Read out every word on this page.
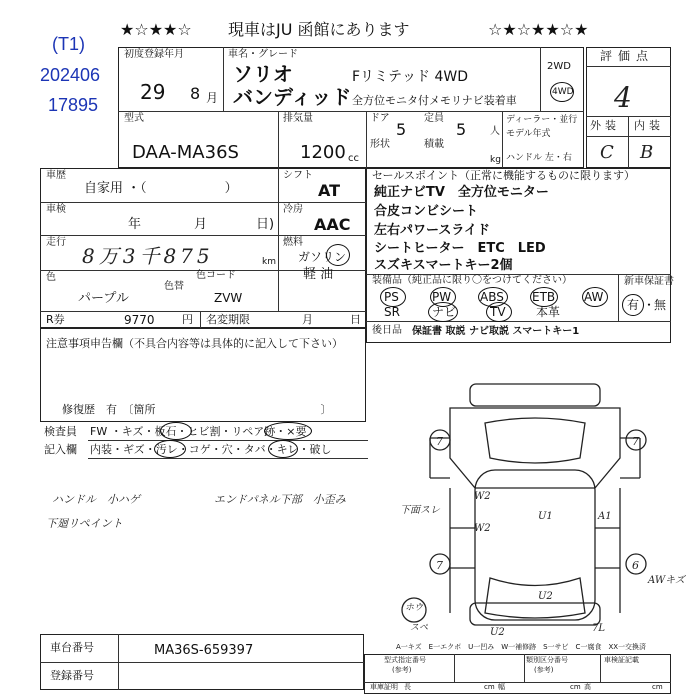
★☆★★☆ 現車はJU 函館にあります	☆★☆★★☆★
(T1)
202406
17895
初度登録年月
29 8 月
車名・グレード
ソリオ
バンディッド
Fリミテッド 4WD
全方位モニタ付メモリナビ装着車
2WD
4WD
型式
DAA-MA36S
排気量
1200 cc
ドア
5
定員
5 人
形状	積載
kg
ディーラー・並行
モデル年式
ハンドル 左・右
評価点
4
外装 内装
C B
車歴
自家用 ・（　　　　　　）
車検
年	月	日)
走行
8万3千875	km
色
パープル
色替
色コード
ZVW
シフト
AT
冷房
AAC
燃料
ガソリン
軽 油
R券	9770 円 名変期限	月	日
セールスポイント（正常に機能するものに限ります）
純正ナビTV　全方位モニター
合皮コンビシート
左右パワースライド
シートヒーター　ETC　LED
スズキスマートキー2個
装備品（純正品に限り〇をつけてください）
PS	PW ABS ETB AW
SR	ナビ	TV	本革
新車保証書
有 ・
無
後日品 保証書 取説 ナビ取説 スマートキー1
注意事項申告欄（不具合内容等は具体的に記入して下さい）
修復歴　有　〔箇所　　　　　　　　　　　　　　　〕
検査員 FW ・キズ・板石・ヒビ割・リペア跡・×要
記入欄 内装・ギズ・汚レ・コゲ・穴・タバ・キレ・破し
ハンドル　小ハゲ	エンドパネル下部　小歪み
下廻リペイント
7	7
7	6
W2
W2
U1	A1
U2
U2	7L
ホウ
下面スレ
AWキズ
スペ
A一キズ　E一エクボ　U一凹み　W一補修跡　S一サビ　C一腐食　XX一交換済
車台番号	MA36S-659397
登録番号
型式指定番号	類別区分番号	車検証記載
(参考)	(参考)
車庫証明 長	cm 幅	cm 高	cm
